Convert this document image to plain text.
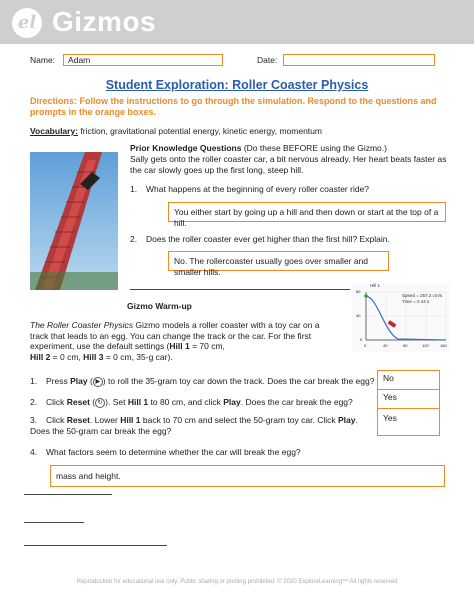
el Gizmos
Name:	Adam	Date:
Student Exploration: Roller Coaster Physics
Directions: Follow the instructions to go through the simulation. Respond to the questions and prompts in the orange boxes.
Vocabulary: friction, gravitational potential energy, kinetic energy, momentum
Prior Knowledge Questions (Do these BEFORE using the Gizmo.)
Sally gets onto the roller coaster car, a bit nervous already. Her heart beats faster as the car slowly goes up the first long, steep hill.
1. What happens at the beginning of every roller coaster ride?
You either start by going up a hill and then down or start at the top of a hill.
2. Does the roller coaster ever get higher than the first hill? Explain.
No. The rollercoaster usually goes over smaller and smaller hills.
Hill 1
Speed = 257.2 cm/s
Time = 0.44 s
80
40
0
0	40	80	120	160
Gizmo Warm-up
The Roller Coaster Physics Gizmo models a roller coaster with a toy car on a track that leads to an egg. You can change the track or the car. For the first experiment, use the default settings (Hill 1 = 70 cm,
Hill 2 = 0 cm, Hill 3 = 0 cm, 35-g car).
1. Press Play ( ▶ ) to roll the 35-gram toy car down the track. Does the car break the egg?	No
2. Click Reset ( ↻ ). Set Hill 1 to 80 cm, and click Play. Does the car break the egg?	Yes
3. Click Reset. Lower Hill 1 back to 70 cm and select the 50-gram toy car. Click Play. Does the 50-gram car break the egg?
Yes
4. What factors seem to determine whether the car will break the egg?
mass and height.
Reproduction for educational use only. Public sharing or posting prohibited. © 2020 ExploreLearning™ All rights reserved
